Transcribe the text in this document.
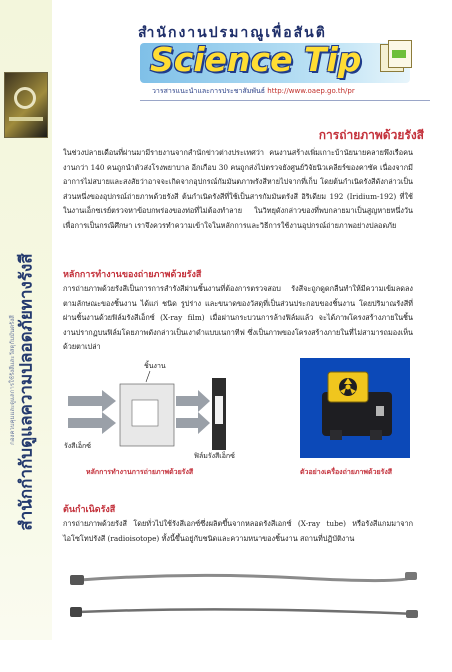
กองควบคุมและดูแลการใช้รังสีและวัสดุกัมมันตรังสี สำนักกำกับดูแลความปลอดภัยทางรังสี
สำนักงานปรมาณูเพื่อสันติ
Science Tip
วารสารแนะนำและการประชาสัมพันธ์ http://www.oaep.go.th/pr
การถ่ายภาพด้วยรังสี

ในช่วงปลายเดือนที่ผ่านมามีรายงานจากสำนักข่าวต่างประเทศว่า คนงานสร้างเพิ่มเกาะบ้านัยนายคลายพึงเรือคนงานกว่า 140 คนถูกนำตัวส่งโรงพยาบาล อีกเกือบ 30 คนถูกส่งไปตรวจยังศูนย์วิจัยนิวเคลียร์ของคาซัค เนื่องจากมีอาการไม่สบายและสงสัยว่าอาจจะเกิดจากอุปกรณ์กัมมันตภาพรังสีหายไปจากที่เก็บ โดยต้นกำเนิดรังสีดังกล่าวเป็นส่วนหนึ่งของอุปกรณ์ถ่ายภาพด้วยรังสี ต้นกำเนิดรังสีที่ใช้เป็นสารกัมมันตรังสี อิริเดียม 192 (Iridium-192) ที่ใช้ในงานเอ็กซเรย์ตรวจหาข้อบกพร่องของท่อที่ไม่ต้องทำลาย ในวิทยุดังกล่าวของที่พบกลายมาเป็นสูญหายหนึ่งวัน เพื่อการเป็นกรณีศึกษา เราจึงควรทำความเข้าใจในหลักการและวิธีการใช้งานอุปกรณ์ถ่ายภาพอย่างปลอดภัย

หลักการทำงานของถ่ายภาพด้วยรังสี

การถ่ายภาพด้วยรังสีเป็นการการสำรังสีผ่านชิ้นงานที่ต้องการตรวจสอบ รังสีจะถูกดูดกลืนทำให้มีความเข้มลดลงตามลักษณะของชิ้นงาน ได้แก่ ชนิด รูปร่าง และขนาดของวัสดุที่เป็นส่วนประกอบของชิ้นงาน โดยปริมาณรังสีที่ผ่านชิ้นงานด้วยฟิล์มรังสีเอ็กซ์ (X-ray film) เมื่อผ่านกระบวนการล้างฟิล์มแล้ว จะได้ภาพโครงสร้างภายในชิ้นงานปรากฏบนฟิล์มโดยภาพดังกล่าวเป็นเงาดำแบบเนกาทีฟ ซึ่งเป็นภาพของโครงสร้างภายในที่ไม่สามารถมองเห็นด้วยตาเปล่า

ชิ้นงาน
รังสีเอ็กซ์
ฟิล์มรังสีเอ็กซ์
หลักการทำงานการถ่ายภาพด้วยรังสี	ตัวอย่างเครื่องถ่ายภาพด้วยรังสี
ต้นกำเนิดรังสี

การถ่ายภาพด้วยรังสี โดยทั่วไปใช้รังสีเอกซ์ซึ่งผลิตขึ้นจากหลอดรังสีเอกซ์ (X-ray tube) หรือรังสีแกมมาจากไอโซโทปรังสี (radioisotope) ทั้งนี้ขึ้นอยู่กับชนิดและความหนาของชิ้นงาน สถานที่ปฏิบัติงาน
